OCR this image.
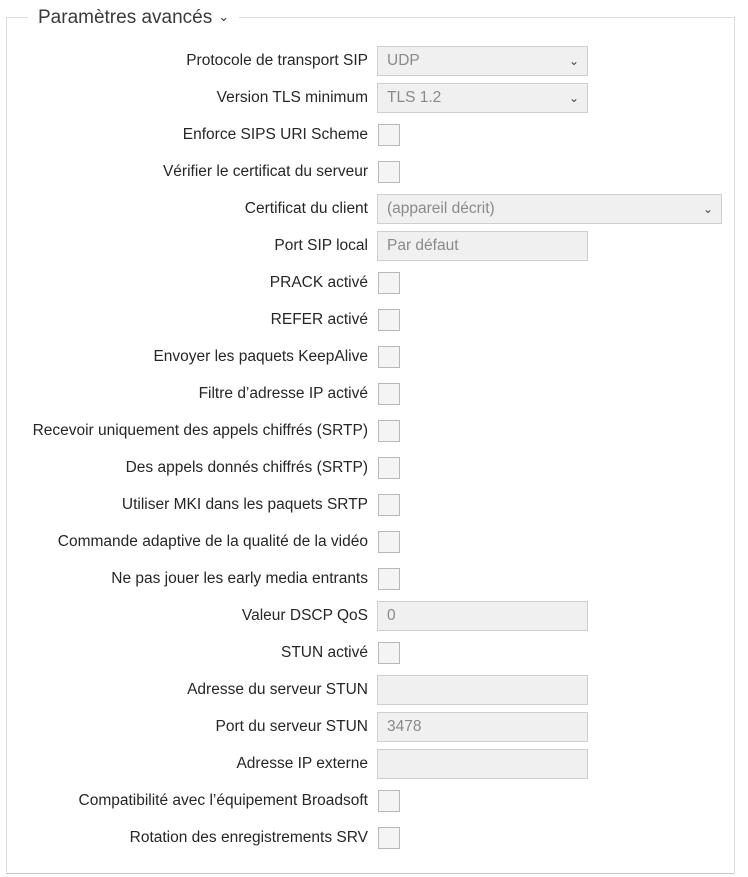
Paramètres avancés ⌄
Protocole de transport SIP	UDP	⌄
Version TLS minimum	TLS 1.2	⌄
Enforce SIPS URI Scheme
Vérifier le certificat du serveur
Certificat du client	(appareil décrit)	⌄
Port SIP local	Par défaut
PRACK activé
REFER activé
Envoyer les paquets KeepAlive
Filtre d’adresse IP activé
Recevoir uniquement des appels chiffrés (SRTP)
Des appels donnés chiffrés (SRTP)
Utiliser MKI dans les paquets SRTP
Commande adaptive de la qualité de la vidéo
Ne pas jouer les early media entrants
Valeur DSCP QoS	0
STUN activé
Adresse du serveur STUN
Port du serveur STUN	3478
Adresse IP externe
Compatibilité avec l’équipement Broadsoft
Rotation des enregistrements SRV
